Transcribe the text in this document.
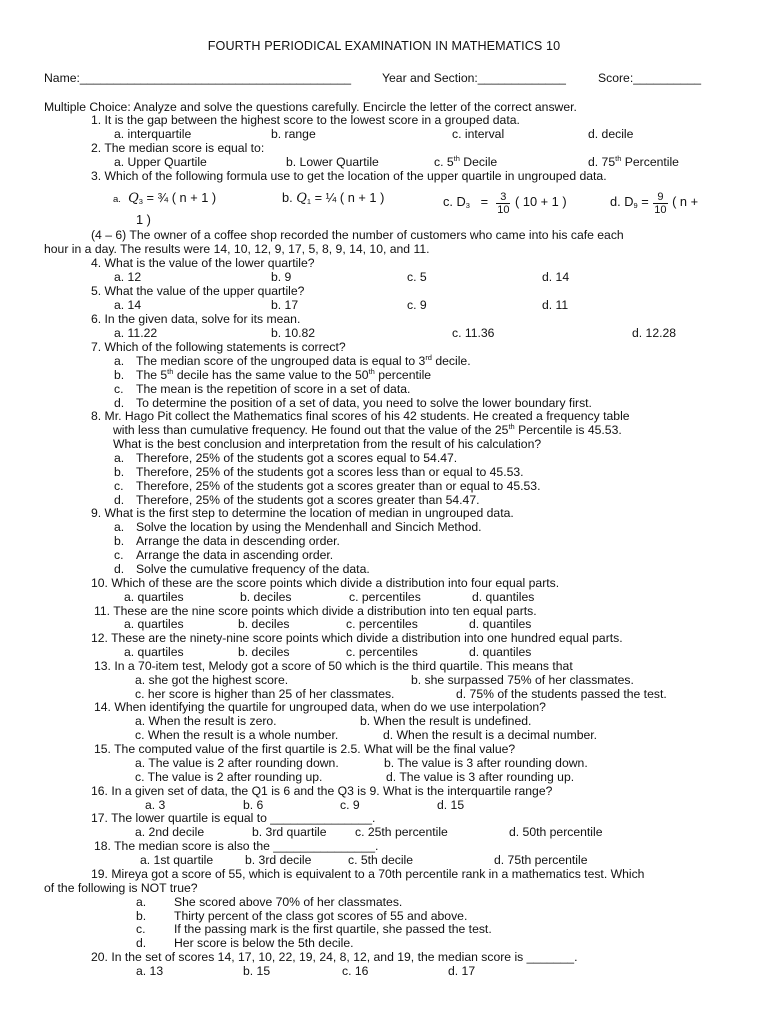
FOURTH PERIODICAL EXAMINATION IN MATHEMATICS 10
Name:________________________________________	Year and Section:_____________	Score:__________
Multiple Choice: Analyze and solve the questions carefully. Encircle the letter of the correct answer.
1. It is the gap between the highest score to the lowest score in a grouped data.
a. interquartile	b. range	c. interval	d. decile
2. The median score is equal to:
a. Upper Quartile	b. Lower Quartile	c. 5th Decile	d. 75th Percentile
3. Which of the following formula use to get the location of the upper quartile in ungrouped data.
a. $Q_3$ = ¾ ( n + 1 )	b. $Q_1$ = ¼ ( n + 1 )	c. $D_3 = \frac{3}{10}$ ( 10 + 1 )	d. $D_9 = \frac{9}{10}$ ( n +
1 )
(4 – 6) The owner of a coffee shop recorded the number of customers who came into his cafe each
hour in a day. The results were 14, 10, 12, 9, 17, 5, 8, 9, 14, 10, and 11.
4. What is the value of the lower quartile?
a. 12	b. 9	c. 5	d. 14
5. What the value of the upper quartile?
a. 14	b. 17	c. 9	d. 11
6. In the given data, solve for its mean.
a. 11.22	b. 10.82	c. 11.36	d. 12.28
7. Which of the following statements is correct?
a. The median score of the ungrouped data is equal to 3rd decile.
b. The 5th decile has the same value to the 50th percentile
c. The mean is the repetition of score in a set of data.
d. To determine the position of a set of data, you need to solve the lower boundary first.
8. Mr. Hago Pit collect the Mathematics final scores of his 42 students. He created a frequency table
with less than cumulative frequency. He found out that the value of the 25th Percentile is 45.53.
What is the best conclusion and interpretation from the result of his calculation?
a. Therefore, 25% of the students got a scores equal to 54.47.
b. Therefore, 25% of the students got a scores less than or equal to 45.53.
c. Therefore, 25% of the students got a scores greater than or equal to 45.53.
d. Therefore, 25% of the students got a scores greater than 54.47.
9. What is the first step to determine the location of median in ungrouped data.
a. Solve the location by using the Mendenhall and Sincich Method.
b. Arrange the data in descending order.
c. Arrange the data in ascending order.
d. Solve the cumulative frequency of the data.
10. Which of these are the score points which divide a distribution into four equal parts.
a. quartiles	b. deciles	c. percentiles	d. quantiles
11. These are the nine score points which divide a distribution into ten equal parts.
a. quartiles	b. deciles	c. percentiles	d. quantiles
12. These are the ninety-nine score points which divide a distribution into one hundred equal parts.
a. quartiles	b. deciles	c. percentiles	d. quantiles
13. In a 70-item test, Melody got a score of 50 which is the third quartile. This means that
a. she got the highest score.	b. she surpassed 75% of her classmates.
c. her score is higher than 25 of her classmates.	d. 75% of the students passed the test.
14. When identifying the quartile for ungrouped data, when do we use interpolation?
a. When the result is zero.	b. When the result is undefined.
c. When the result is a whole number.	d. When the result is a decimal number.
15. The computed value of the first quartile is 2.5. What will be the final value?
a. The value is 2 after rounding down.	b. The value is 3 after rounding down.
c. The value is 2 after rounding up.	d. The value is 3 after rounding up.
16. In a given set of data, the Q1 is 6 and the Q3 is 9. What is the interquartile range?
a. 3	b. 6	c. 9	d. 15
17. The lower quartile is equal to _______________.
a. 2nd decile	b. 3rd quartile c. 25th percentile	d. 50th percentile
18. The median score is also the _______________.
a. 1st quartile	b. 3rd decile	c. 5th decile	d. 75th percentile
19. Mireya got a score of 55, which is equivalent to a 70th percentile rank in a mathematics test. Which
of the following is NOT true?
a. She scored above 70% of her classmates.
b. Thirty percent of the class got scores of 55 and above.
c. If the passing mark is the first quartile, she passed the test.
d. Her score is below the 5th decile.
20. In the set of scores 14, 17, 10, 22, 19, 24, 8, 12, and 19, the median score is _______.
a. 13	b. 15	c. 16	d. 17
